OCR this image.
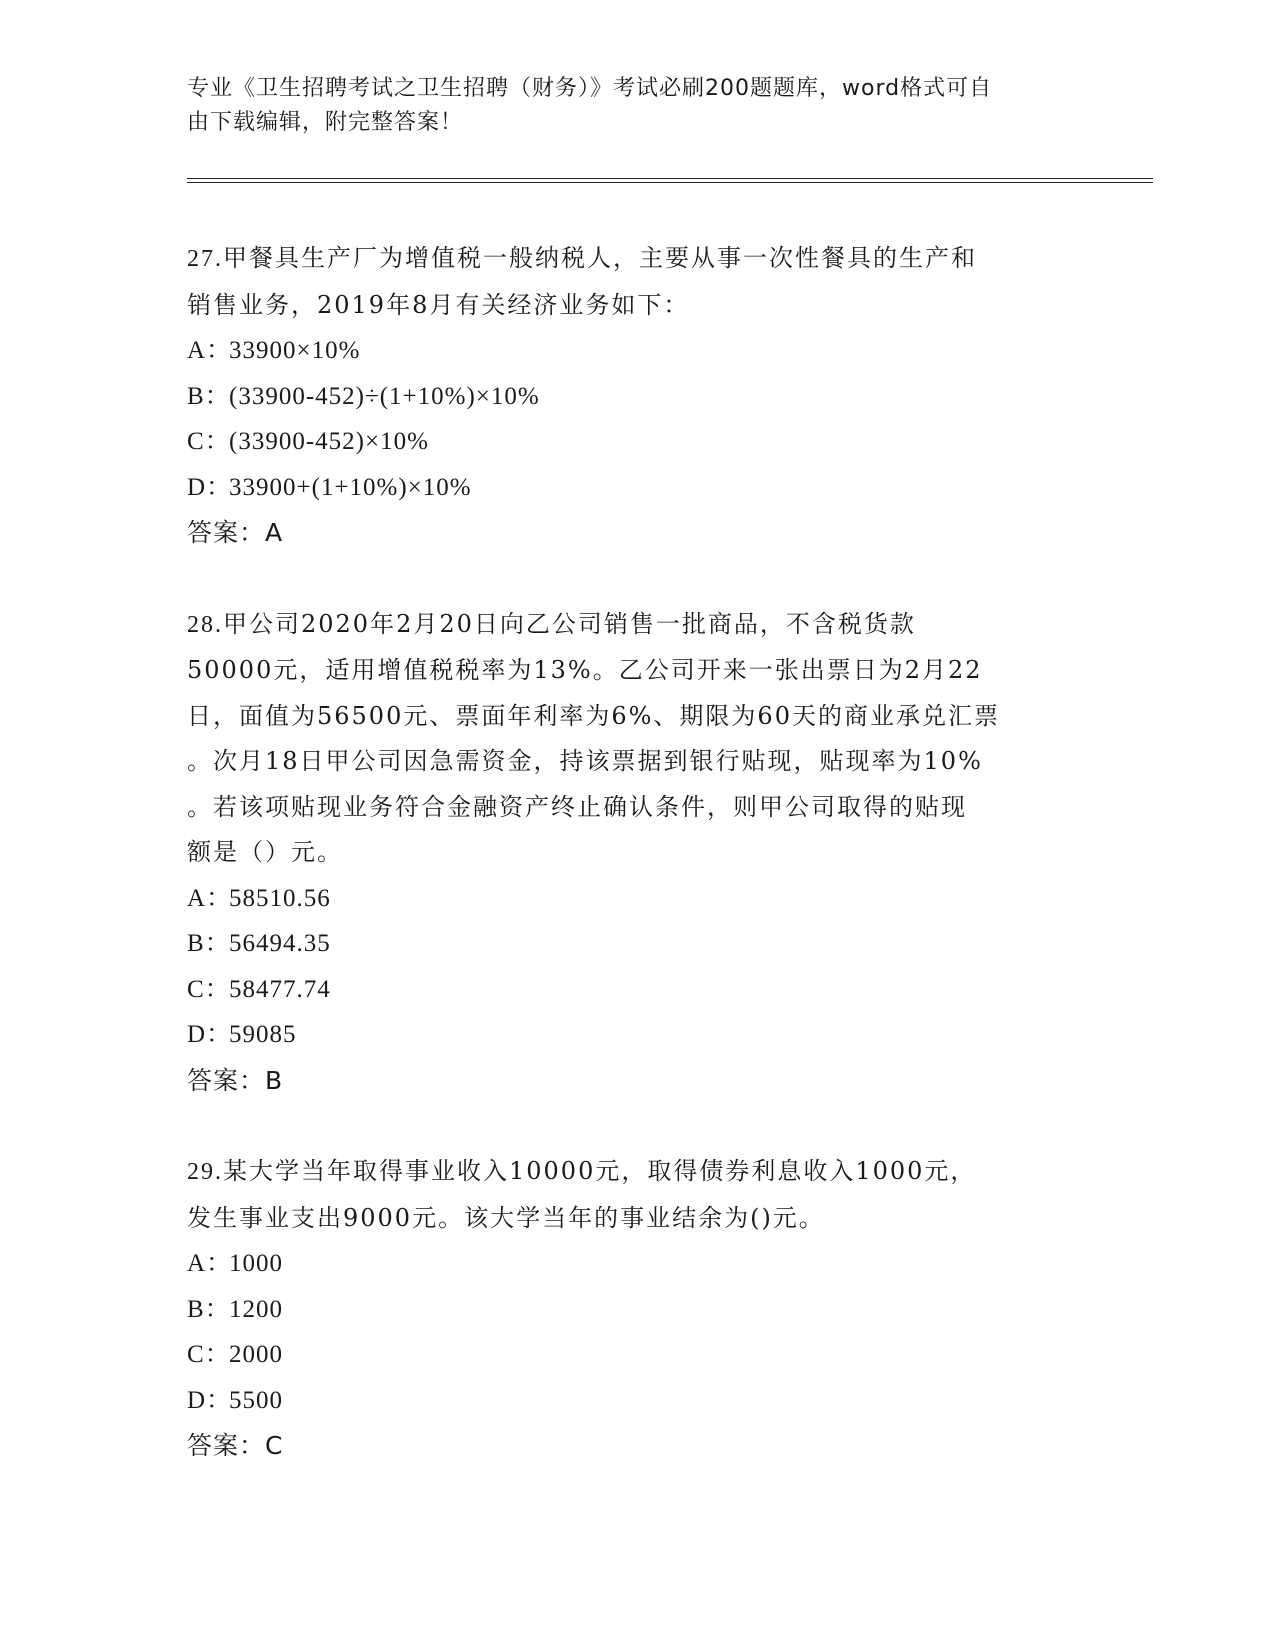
专业《卫生招聘考试之卫生招聘（财务）》考试必刷200题题库，word格式可自
由下载编辑，附完整答案！
27.甲餐具生产厂为增值税一般纳税人，主要从事一次性餐具的生产和
销售业务，2019年8月有关经济业务如下：
A：
33900×10%
B：
(33900-452)÷(1+10%)×10%
C：
(33900-452)×10%
D：
33900+(1+10%)×10%
答案：A
28.甲公司2020年2月20日向乙公司销售一批商品，不含税货款
50000元，适用增值税税率为13%。乙公司开来一张出票日为2月22
日，面值为56500元、票面年利率为6%、期限为60天的商业承兑汇票
。次月18日甲公司因急需资金，持该票据到银行贴现，贴现率为10%
。若该项贴现业务符合金融资产终止确认条件，则甲公司取得的贴现
额是（）元。
A：
58510.56
B：
56494.35
C：
58477.74
D：
59085
答案：B
29.某大学当年取得事业收入10000元，取得债券利息收入1000元，
发生事业支出9000元。该大学当年的事业结余为()元。
A：
1000
B：
1200
C：
2000
D：
5500
答案：C
